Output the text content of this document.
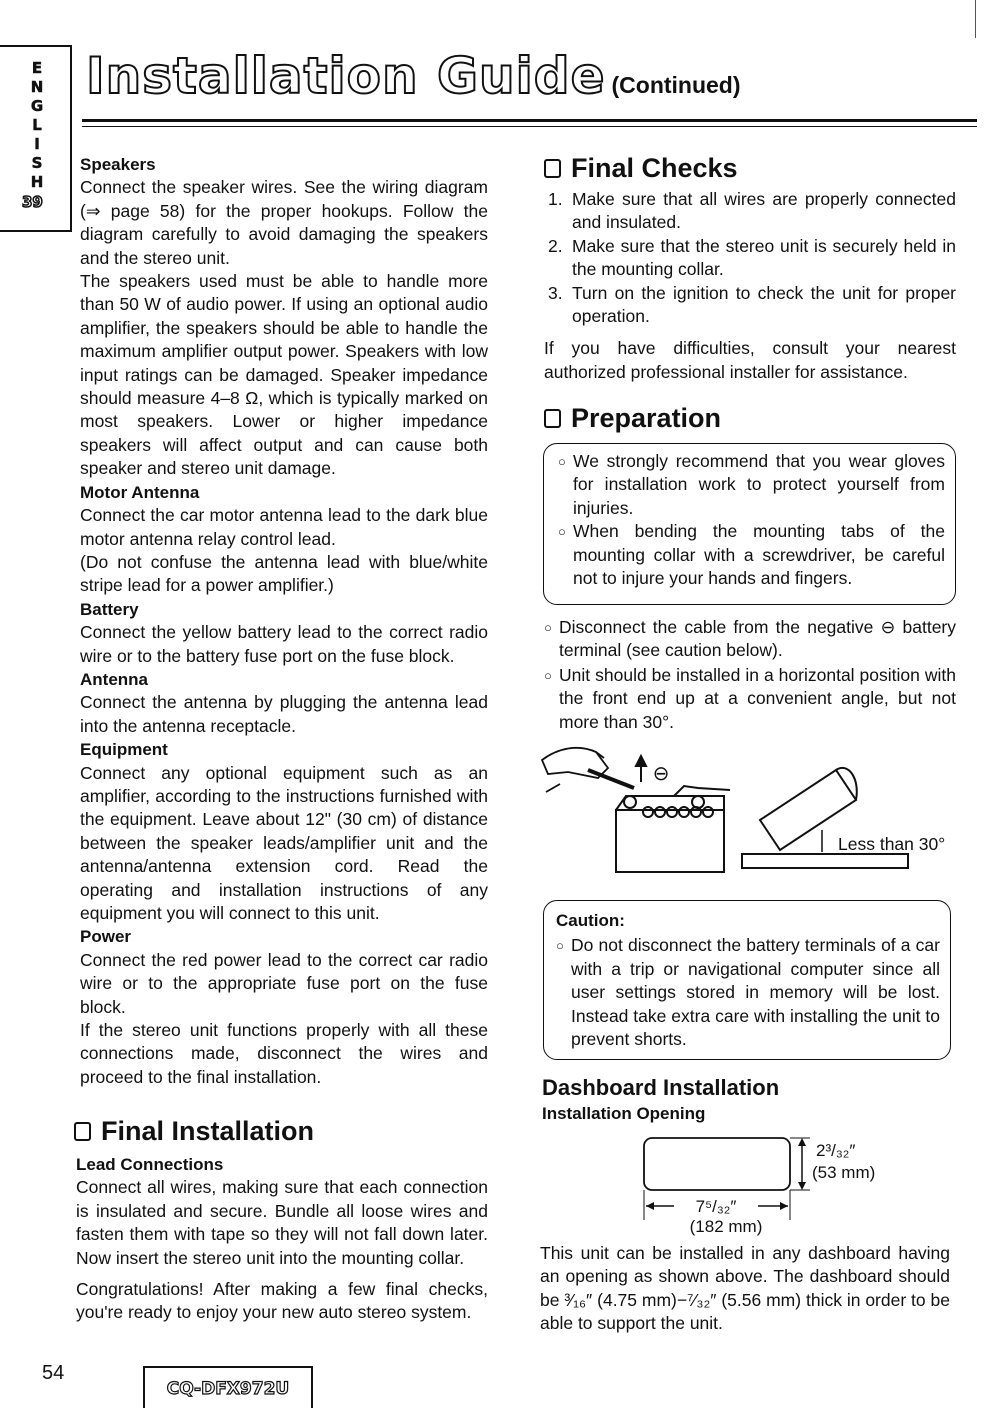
E
N
G
L
I
S
H
39
Installation Guide (Continued)

Speakers

Connect the speaker wires. See the wiring diagram (⇒ page 58) for the proper hookups. Follow the diagram carefully to avoid damaging the speakers and the stereo unit.

The speakers used must be able to handle more than 50 W of audio power. If using an optional audio amplifier, the speakers should be able to handle the maximum amplifier output power. Speakers with low input ratings can be damaged. Speaker impedance should measure 4–8 Ω, which is typically marked on most speakers. Lower or higher impedance speakers will affect output and can cause both speaker and stereo unit damage.

Motor Antenna

Connect the car motor antenna lead to the dark blue motor antenna relay control lead.

(Do not confuse the antenna lead with blue/white stripe lead for a power amplifier.)

Battery

Connect the yellow battery lead to the correct radio wire or to the battery fuse port on the fuse block.

Antenna

Connect the antenna by plugging the antenna lead into the antenna receptacle.

Equipment

Connect any optional equipment such as an amplifier, according to the instructions furnished with the equipment. Leave about 12" (30 cm) of distance between the speaker leads/amplifier unit and the antenna/antenna extension cord. Read the operating and installation instructions of any equipment you will connect to this unit.

Power

Connect the red power lead to the correct car radio wire or to the appropriate fuse port on the fuse block.

If the stereo unit functions properly with all these connections made, disconnect the wires and proceed to the final installation.

Final Installation

Lead Connections

Connect all wires, making sure that each connection is insulated and secure. Bundle all loose wires and fasten them with tape so they will not fall down later. Now insert the stereo unit into the mounting collar.

Congratulations! After making a few final checks, you're ready to enjoy your new auto stereo system.

Final Checks
1. Make sure that all wires are properly connected and insulated.
2. Make sure that the stereo unit is securely held in the mounting collar.
3. Turn on the ignition to check the unit for proper operation.

If you have difficulties, consult your nearest authorized professional installer for assistance.

Preparation
○ We strongly recommend that you wear gloves for installation work to protect yourself from injuries.
○ When bending the mounting tabs of the mounting collar with a screwdriver, be careful not to injure your hands and fingers.
○ Disconnect the cable from the negative ⊖ battery terminal (see caution below).
○ Unit should be installed in a horizontal position with the front end up at a convenient angle, but not more than 30°.
⊖
Less than 30°

Caution:

○ Do not disconnect the battery terminals of a car with a trip or navigational computer since all user settings stored in memory will be lost. Instead take extra care with installing the unit to prevent shorts.

Dashboard Installation

Installation Opening

2³/₃₂″
(53 mm)
7⁵/₃₂″
(182 mm)

This unit can be installed in any dashboard having an opening as shown above. The dashboard should be ³⁄₁₆″ (4.75 mm)−⁷⁄₃₂″ (5.56 mm) thick in order to be able to support the unit.

54
CQ-DFX972U
